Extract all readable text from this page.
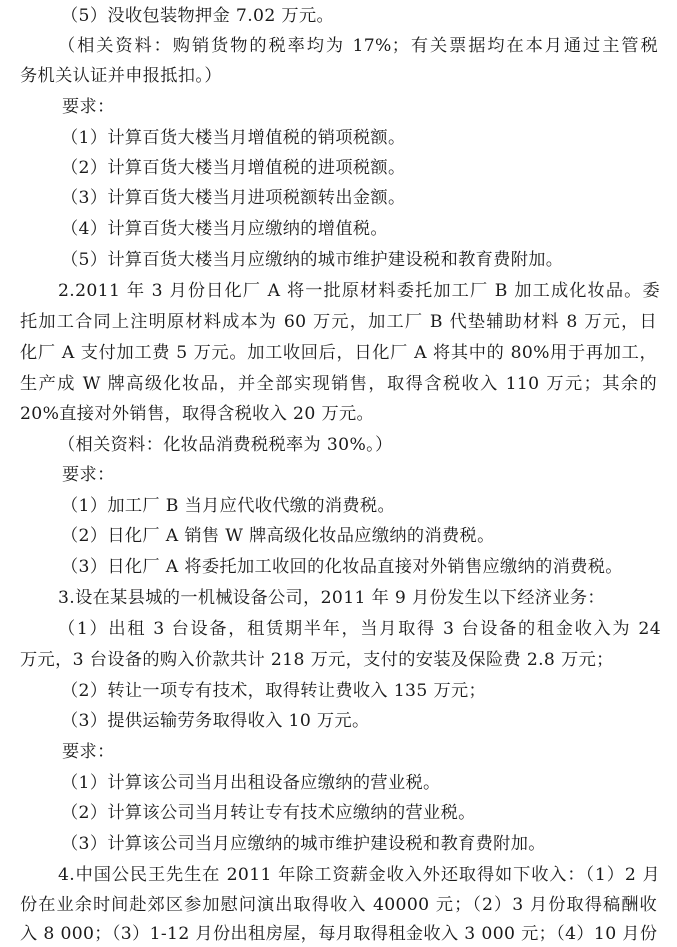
（5）没收包装物押金 7.02 万元。
（相关资料：购销货物的税率均为 17%；有关票据均在本月通过主管税
务机关认证并申报抵扣。）
要求：
（1）计算百货大楼当月增值税的销项税额。
（2）计算百货大楼当月增值税的进项税额。
（3）计算百货大楼当月进项税额转出金额。
（4）计算百货大楼当月应缴纳的增值税。
（5）计算百货大楼当月应缴纳的城市维护建设税和教育费附加。
2.2011 年 3 月份日化厂 A 将一批原材料委托加工厂 B 加工成化妆品。委
托加工合同上注明原材料成本为 60 万元，加工厂 B 代垫辅助材料 8 万元，日
化厂 A 支付加工费 5 万元。加工收回后，日化厂 A 将其中的 80%用于再加工，
生产成 W 牌高级化妆品，并全部实现销售，取得含税收入 110 万元；其余的
20%直接对外销售，取得含税收入 20 万元。
（相关资料：化妆品消费税税率为 30%。）
要求：
（1）加工厂 B 当月应代收代缴的消费税。
（2）日化厂 A 销售 W 牌高级化妆品应缴纳的消费税。
（3）日化厂 A 将委托加工收回的化妆品直接对外销售应缴纳的消费税。
3.设在某县城的一机械设备公司，2011 年 9 月份发生以下经济业务：
（1）出租 3 台设备，租赁期半年，当月取得 3 台设备的租金收入为 24
万元，3 台设备的购入价款共计 218 万元，支付的安装及保险费 2.8 万元；
（2）转让一项专有技术，取得转让费收入 135 万元；
（3）提供运输劳务取得收入 10 万元。
要求：
（1）计算该公司当月出租设备应缴纳的营业税。
（2）计算该公司当月转让专有技术应缴纳的营业税。
（3）计算该公司当月应缴纳的城市维护建设税和教育费附加。
4.中国公民王先生在 2011 年除工资薪金收入外还取得如下收入：（1）2 月
份在业余时间赴郊区参加慰问演出取得收入 40000 元；（2）3 月份取得稿酬收
入 8 000；（3）1-12 月份出租房屋，每月取得租金收入 3 000 元；（4）10 月份
